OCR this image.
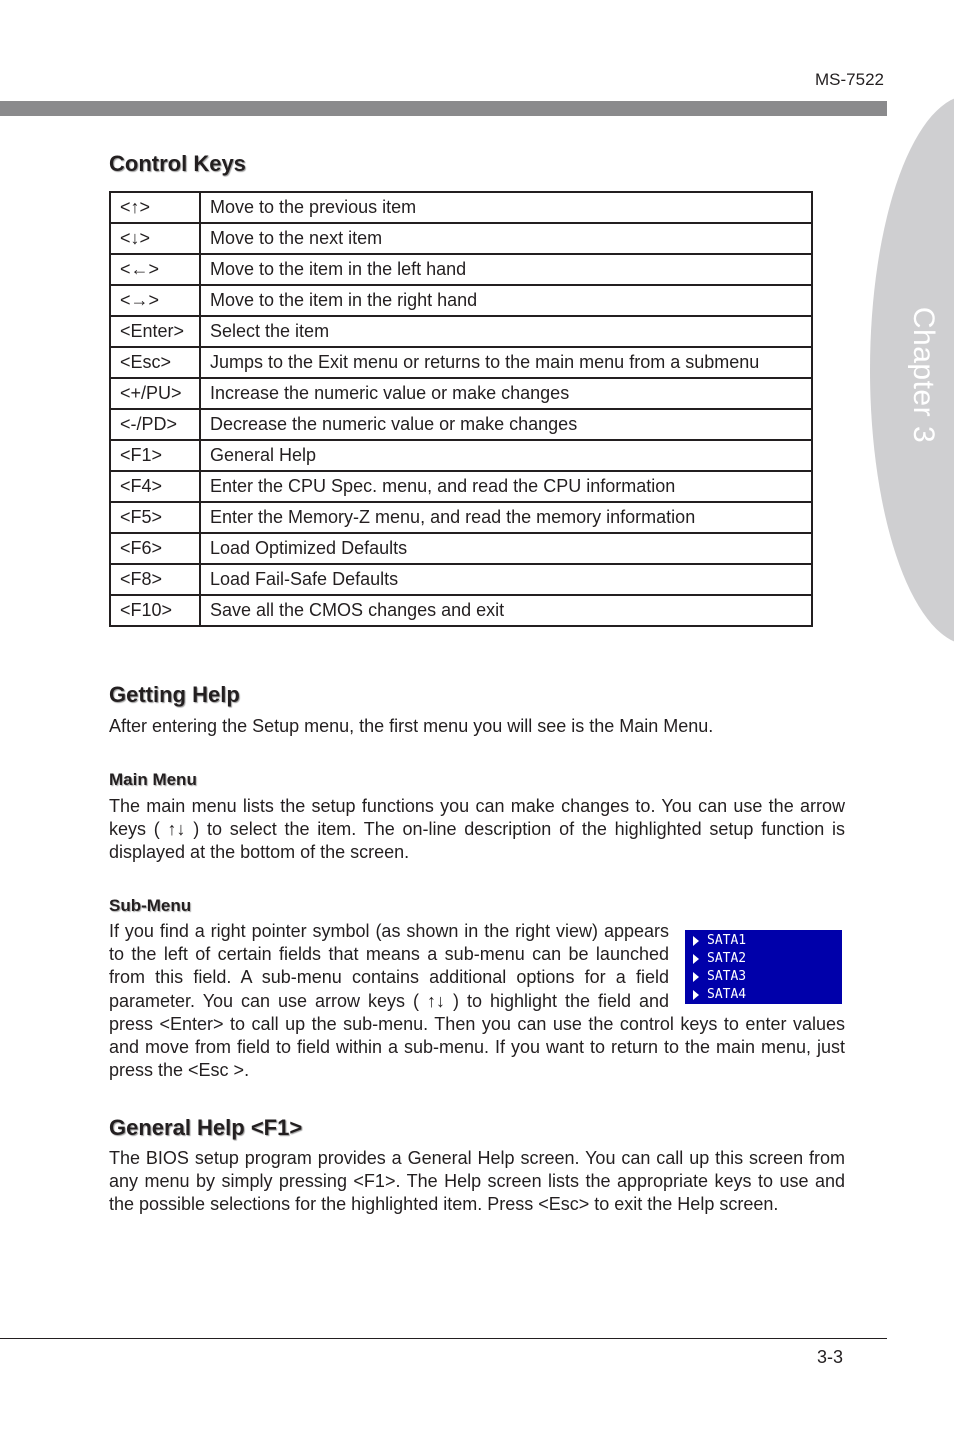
MS-7522
Chapter 3
Control Keys
<↑>	Move to the previous item
<↓>	Move to the next item
<←>	Move to the item in the left hand
<→>	Move to the item in the right hand
<Enter>	Select the item
<Esc>	Jumps to the Exit menu or returns to the main menu from a submenu
<+/PU>	Increase the numeric value or make changes
<-/PD>	Decrease the numeric value or make changes
<F1>	General Help
<F4>	Enter the CPU Spec. menu, and read the CPU information
<F5>	Enter the Memory-Z menu, and read the memory information
<F6>	Load Optimized Defaults
<F8>	Load Fail-Safe Defaults
<F10>	Save all the CMOS changes and exit
Getting Help

After entering the Setup menu, the first menu you will see is the Main Menu.

Main Menu

The main menu lists the setup functions you can make changes to. You can use the arrow keys ( ↑↓ ) to select the item. The on-line description of the highlighted setup function is displayed at the bottom of the screen.

Sub-Menu
SATA1
SATA2
SATA3
SATA4
If you find a right pointer symbol (as shown in the right view) appears to the left of certain fields that means a sub-menu can be launched from this field. A sub-menu contains additional options for a field parameter. You can use arrow keys ( ↑↓ ) to highlight the field and press <Enter> to call up the sub-menu. Then you can use the control keys to enter values and move from field to field within a sub-menu. If you want to return to the main menu, just press the <Esc >.
General Help <F1>

The BIOS setup program provides a General Help screen. You can call up this screen from any menu by simply pressing <F1>. The Help screen lists the appropriate keys to use and the possible selections for the highlighted item. Press <Esc> to exit the Help screen.

3-3
